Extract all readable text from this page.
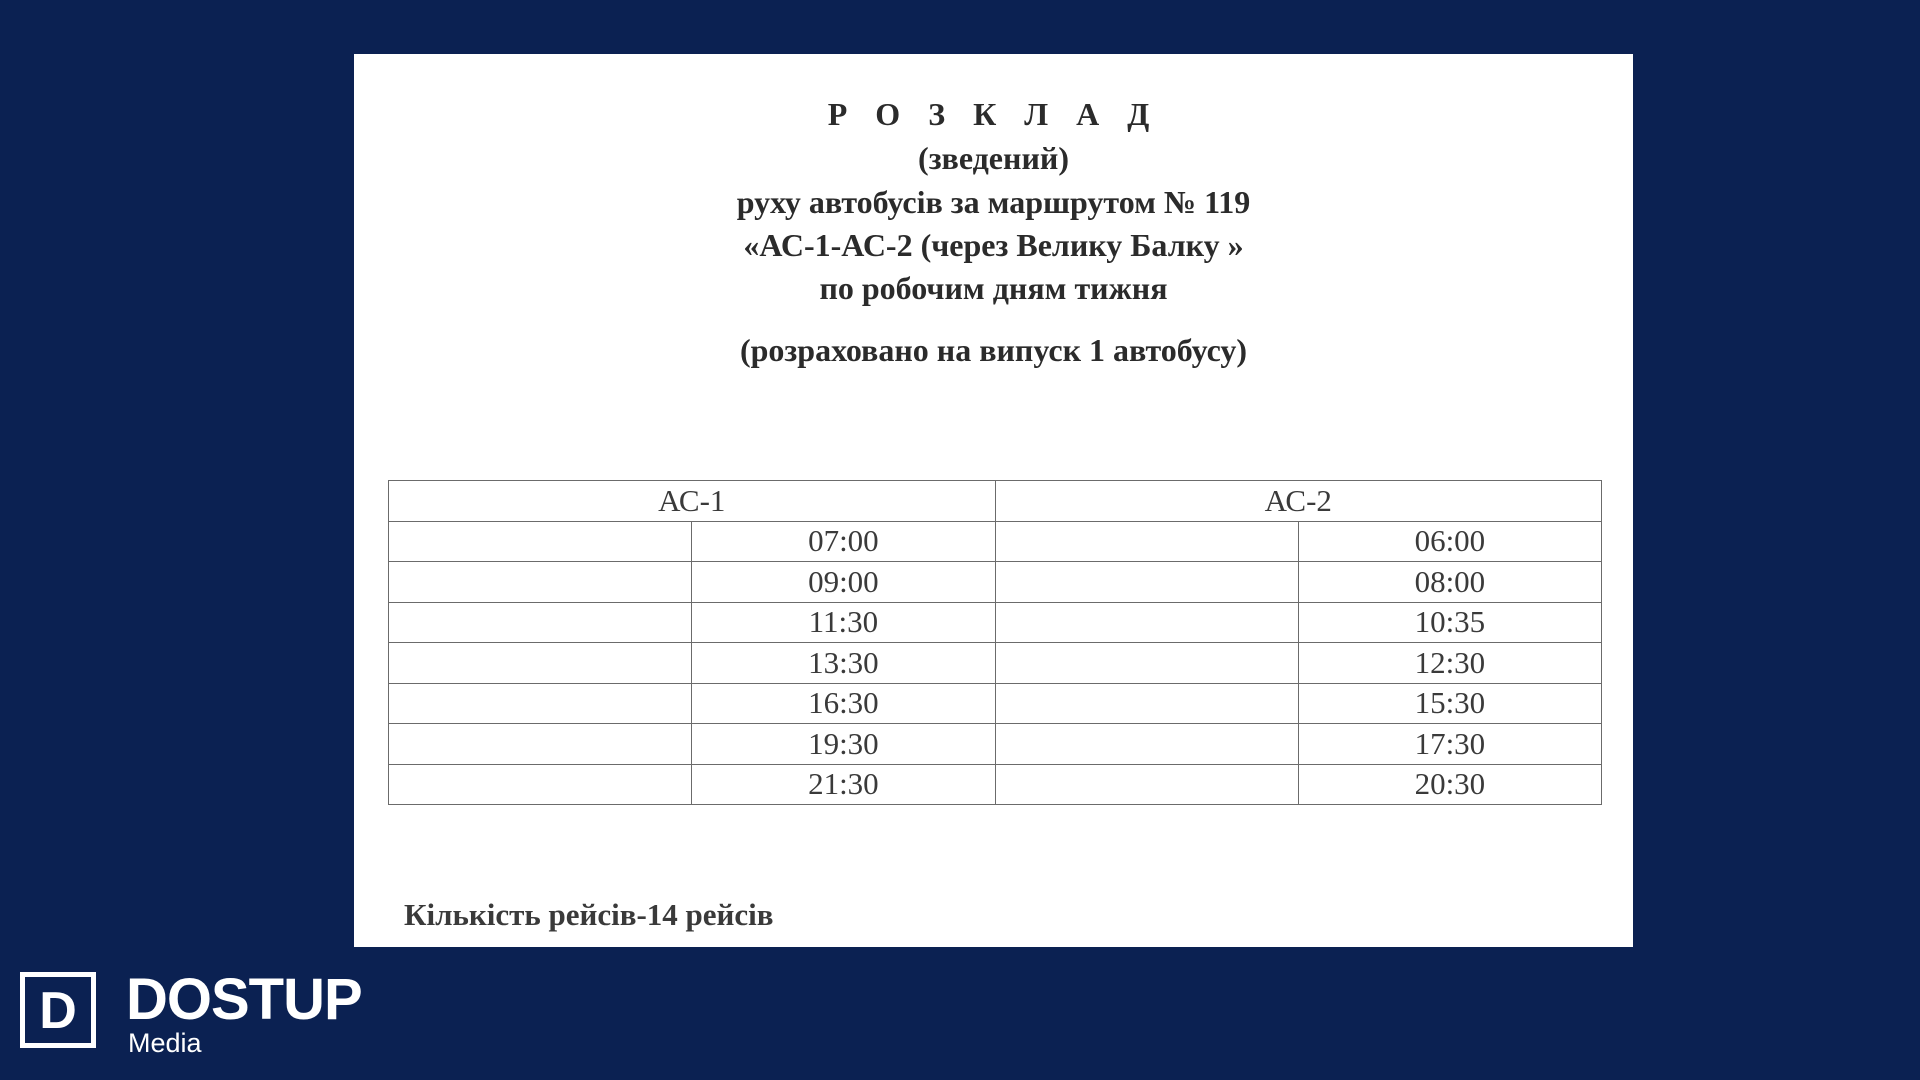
Р О З К Л А Д
(зведений)
руху автобусів за маршрутом № 119
«АС-1-АС-2 (через Велику Балку »
по робочим дням тижня
(розраховано на випуск 1 автобусу)
АС-1		АС-2	
	07:00		06:00
	09:00		08:00
	11:30		10:35
	13:30		12:30
	16:30		15:30
	19:30		17:30
	21:30		20:30
Кількість рейсів-14 рейсів
D DOSTUP
Media
